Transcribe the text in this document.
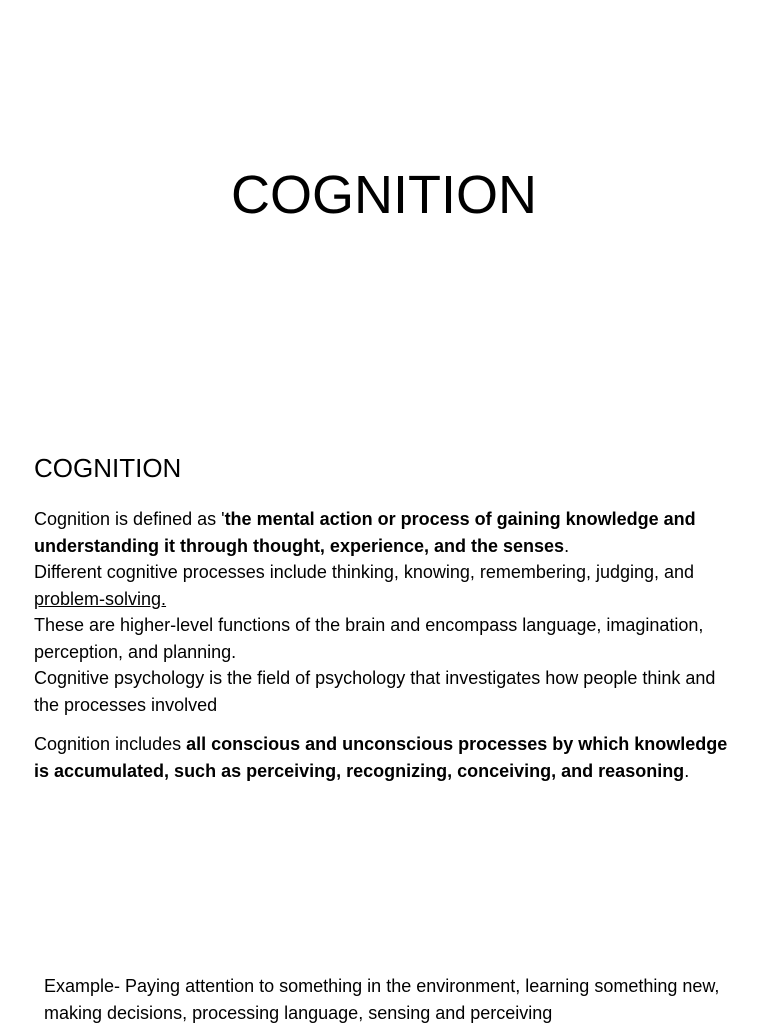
COGNITION
COGNITION

Cognition is defined as 'the mental action or process of gaining knowledge and understanding it through thought, experience, and the senses.
Different cognitive processes include thinking, knowing, remembering, judging, and problem-solving.
These are higher-level functions of the brain and encompass language, imagination, perception, and planning.
Cognitive psychology is the field of psychology that investigates how people think and the processes involved

Cognition includes all conscious and unconscious processes by which knowledge is accumulated, such as perceiving, recognizing, conceiving, and reasoning.

Example- Paying attention to something in the environment, learning something new, making decisions, processing language, sensing and perceiving
